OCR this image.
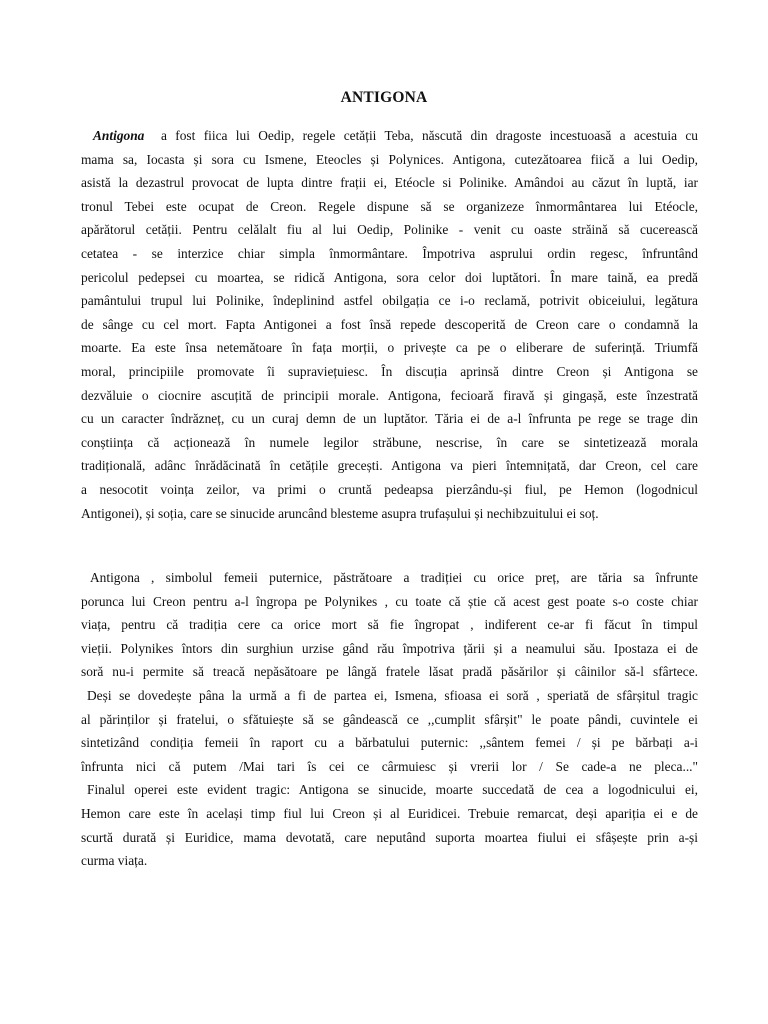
ANTIGONA
Antigona  a fost fiica lui Oedip, regele cetății Teba, născută din dragoste incestuoasă a acestuia cu
mama sa, Iocasta și sora cu Ismene, Eteocles și Polynices. Antigona, cutezătoarea fiică a lui Oedip,
asistă la dezastrul provocat de lupta dintre frații ei, Etéocle si Polinike. Amândoi au căzut în luptă, iar
tronul Tebei este ocupat de Creon. Regele dispune să se organizeze înmormântarea lui Etéocle,
apărătorul cetății. Pentru celălalt fiu al lui Oedip, Polinike - venit cu oaste străină să cucerească
cetatea - se interzice chiar simpla înmormântare. Împotriva asprului ordin regesc, înfruntând
pericolul pedepsei cu moartea, se ridică Antigona, sora celor doi luptători. În mare taină, ea predă
pamântului trupul lui Polinike, îndeplinind astfel obilgația ce i-o reclamă, potrivit obiceiului, legătura
de sânge cu cel mort. Fapta Antigonei a fost însă repede descoperită de Creon care o condamnă la
moarte. Ea este însa netemătoare în fața morții, o privește ca pe o eliberare de suferință. Triumfă
moral, principiile promovate îi supraviețuiesc. În discuția aprinsă dintre Creon și Antigona se
dezvăluie o ciocnire ascuțită de principii morale. Antigona, fecioară firavă și gingașă, este înzestrată
cu un caracter îndrăzneț, cu un curaj demn de un luptător. Tăria ei de a-l înfrunta pe rege se trage din
conștiința că acționează în numele legilor străbune, nescrise, în care se sintetizează morala
tradițională, adânc înrădăcinată în cetățile grecești. Antigona va pieri întemnițată, dar Creon, cel care
a nesocotit voința zeilor, va primi o cruntă pedeapsa pierzându-și fiul, pe Hemon (logodnicul
Antigonei), și soția, care se sinucide aruncând blesteme asupra trufașului și nechibzuitului ei soț.
Antigona , simbolul femeii puternice, păstrătoare a tradiției cu orice preț, are tăria sa înfrunte
porunca lui Creon pentru a-l îngropa pe Polynikes , cu toate că știe că acest gest poate s-o coste chiar
viața, pentru că tradiția cere ca orice mort să fie îngropat , indiferent ce-ar fi făcut în timpul
vieții. Polynikes întors din surghiun urzise gând rău împotriva țării și a neamului său. Ipostaza ei de
soră nu-i permite să treacă nepăsătoare pe lângă fratele lăsat pradă păsărilor și câinilor să-l sfârtece.
Deși se dovedește pâna la urmă a fi de partea ei, Ismena, sfioasa ei soră , speriată de sfârșitul tragic
al părinților și fratelui, o sfătuiește să se gândească ce ,,cumplit sfârșit" le poate pândi, cuvintele ei
sintetizând condiția femeii în raport cu a bărbatului puternic: ,,sântem femei / și pe bărbați a-i
înfrunta nici că putem /Mai tari îs cei ce cârmuiesc și vrerii lor / Se cade-a ne pleca..."
Finalul operei este evident tragic: Antigona se sinucide, moarte succedată de cea a logodnicului ei,
Hemon care este în același timp fiul lui Creon și al Euridicei. Trebuie remarcat, deși apariția ei e de
scurtă durată și Euridice, mama devotată, care neputând suporta moartea fiului ei sfâșește prin a-și
curma viața.
